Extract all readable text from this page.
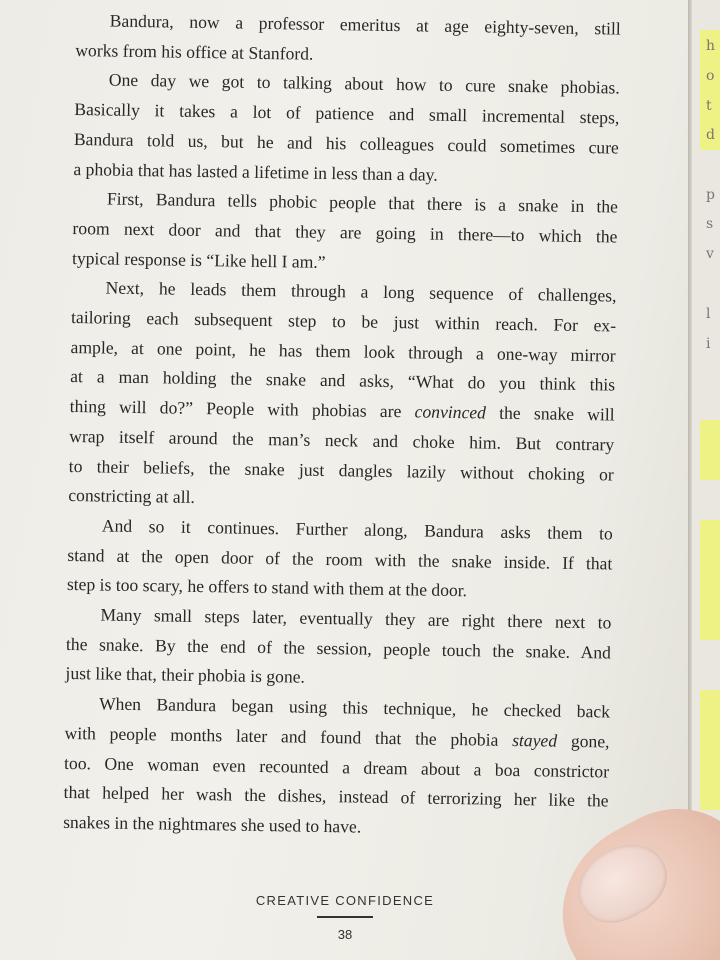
Bandura, now a professor emeritus at age eighty-seven, still
works from his office at Stanford.
One day we got to talking about how to cure snake phobias.
Basically it takes a lot of patience and small incremental steps,
Bandura told us, but he and his colleagues could sometimes cure
a phobia that has lasted a lifetime in less than a day.
First, Bandura tells phobic people that there is a snake in the
room next door and that they are going in there—to which the
typical response is “Like hell I am.”
Next, he leads them through a long sequence of challenges,
tailoring each subsequent step to be just within reach. For ex-
ample, at one point, he has them look through a one-way mirror
at a man holding the snake and asks, “What do you think this
thing will do?” People with phobias are convinced the snake will
wrap itself around the man’s neck and choke him. But contrary
to their beliefs, the snake just dangles lazily without choking or
constricting at all.
And so it continues. Further along, Bandura asks them to
stand at the open door of the room with the snake inside. If that
step is too scary, he offers to stand with them at the door.
Many small steps later, eventually they are right there next to
the snake. By the end of the session, people touch the snake. And
just like that, their phobia is gone.
When Bandura began using this technique, he checked back
with people months later and found that the phobia stayed gone,
too. One woman even recounted a dream about a boa constrictor
that helped her wash the dishes, instead of terrorizing her like the
snakes in the nightmares she used to have.
CREATIVE CONFIDENCE
38
h
o
t
d
p
s
v
l
i
